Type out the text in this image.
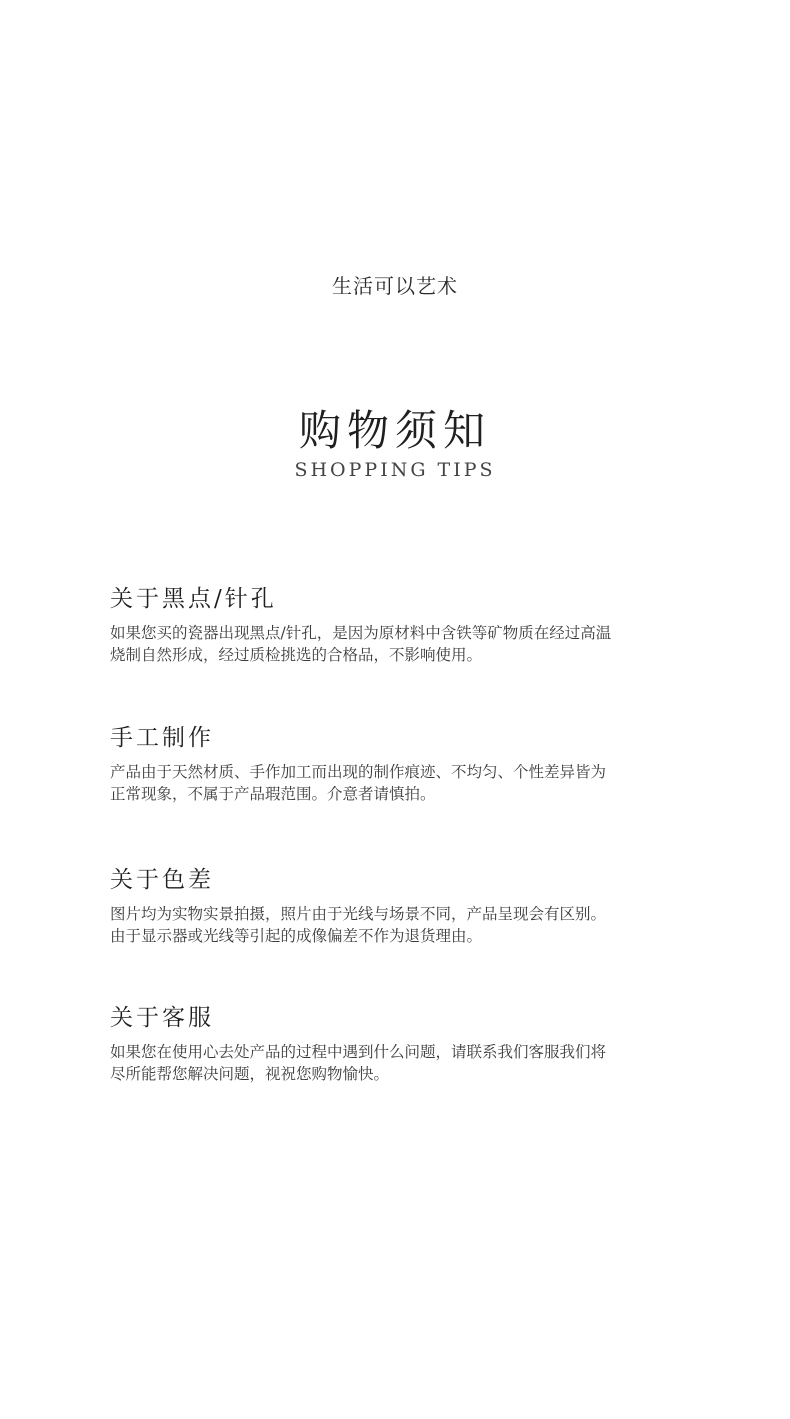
生活可以艺术
购物须知
SHOPPING TIPS
关于黑点/针孔

如果您买的瓷器出现黑点/针孔，是因为原材料中含铁等矿物质在经过高温
烧制自然形成，经过质检挑选的合格品，不影响使用。

手工制作

产品由于天然材质、手作加工而出现的制作痕迹、不均匀、个性差异皆为
正常现象，不属于产品瑕范围。介意者请慎拍。

关于色差

图片均为实物实景拍摄，照片由于光线与场景不同，产品呈现会有区别。
由于显示器或光线等引起的成像偏差不作为退货理由。

关于客服

如果您在使用心去处产品的过程中遇到什么问题，请联系我们客服我们将
尽所能帮您解决问题，视祝您购物愉快。
